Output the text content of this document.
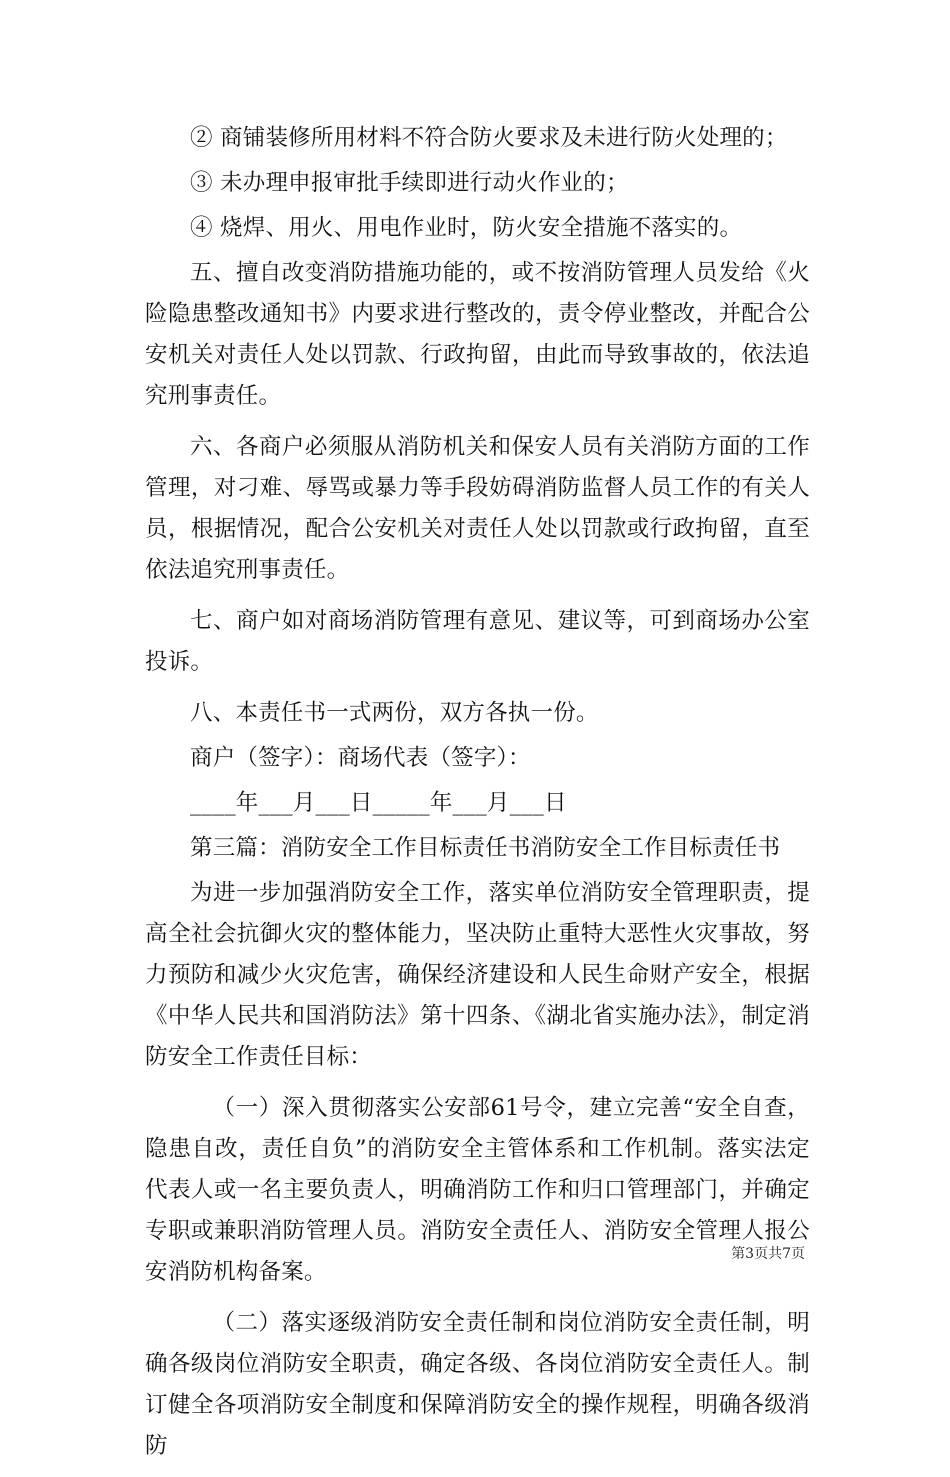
② 商铺装修所用材料不符合防火要求及未进行防火处理的；

③ 未办理申报审批手续即进行动火作业的；

④ 烧焊、用火、用电作业时，防火安全措施不落实的。

五、擅自改变消防措施功能的，或不按消防管理人员发给《火险隐患整改通知书》内要求进行整改的，责令停业整改，并配合公安机关对责任人处以罚款、行政拘留，由此而导致事故的，依法追究刑事责任。

六、各商户必须服从消防机关和保安人员有关消防方面的工作管理，对刁难、辱骂或暴力等手段妨碍消防监督人员工作的有关人员，根据情况，配合公安机关对责任人处以罚款或行政拘留，直至依法追究刑事责任。

七、商户如对商场消防管理有意见、建议等，可到商场办公室投诉。

八、本责任书一式两份，双方各执一份。

商户（签字）：商场代表（签字）：

____年___月___日_____年___月___日

第三篇：消防安全工作目标责任书消防安全工作目标责任书

为进一步加强消防安全工作，落实单位消防安全管理职责，提高全社会抗御火灾的整体能力，坚决防止重特大恶性火灾事故，努力预防和减少火灾危害，确保经济建设和人民生命财产安全，根据《中华人民共和国消防法》第十四条、《湖北省实施办法》，制定消防安全工作责任目标：

（一）深入贯彻落实公安部61号令，建立完善“安全自查，隐患自改，责任自负”的消防安全主管体系和工作机制。落实法定代表人或一名主要负责人，明确消防工作和归口管理部门，并确定专职或兼职消防管理人员。消防安全责任人、消防安全管理人报公安消防机构备案。

（二）落实逐级消防安全责任制和岗位消防安全责任制，明确各级岗位消防安全职责，确定各级、各岗位消防安全责任人。制订健全各项消防安全制度和保障消防安全的操作规程，明确各级消防

第3页共7页
